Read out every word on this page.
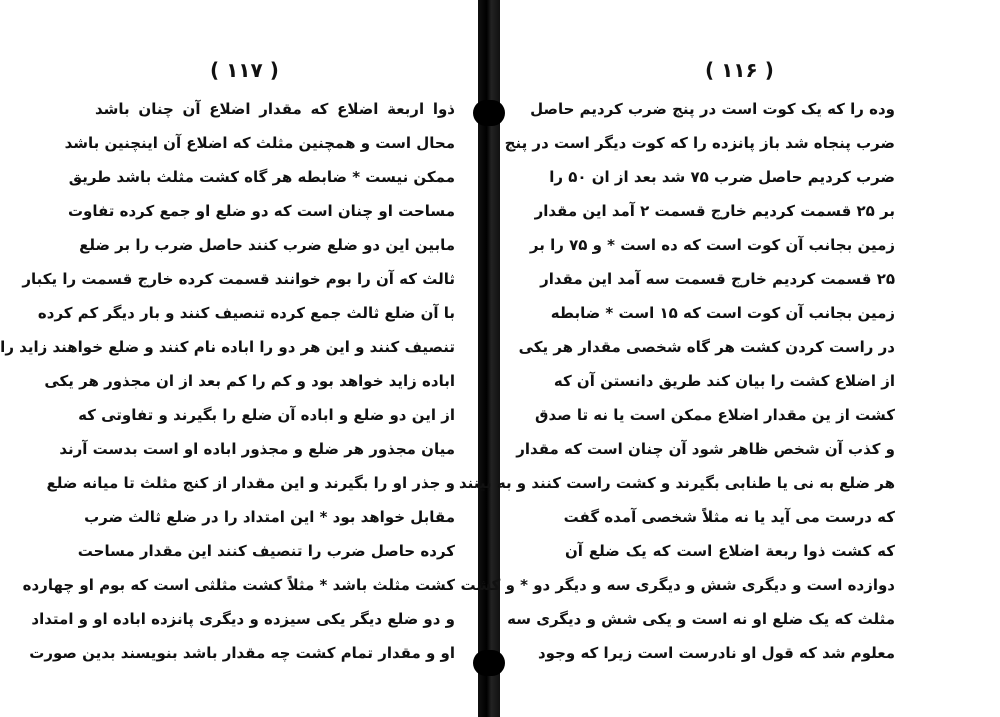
( ۱۱۷ )
ذوا اربعة اضلاع که مقدار اضلاع آن چنان باشد
محال است و همچنین مثلث که اضلاع آن اینچنین باشد
ممکن نیست * ضابطه هر گاه کشت مثلث باشد طریق
مساحت او چنان است که دو ضلع او جمع کرده تفاوت
مابین این دو ضلع ضرب کنند حاصل ضرب را بر ضلع
ثالث که آن را بوم خوانند قسمت کرده خارج قسمت را یکبار
با آن ضلع ثالث جمع کرده تنصیف کنند و بار دیگر کم کرده
تنصیف کنند و این هر دو را اباده نام کنند و ضلع خواهند زاید را
اباده زاید خواهد بود و کم را کم بعد از ان مجذور هر یکی
از این دو ضلع و اباده آن ضلع را بگیرند و تفاوتی که
میان مجذور هر ضلع و مجذور اباده او است بدست آرند
و جذر او را بگیرند و این مقدار از کنج مثلث تا میانه ضلع
مقابل خواهد بود * این امتداد را در ضلع ثالث ضرب
کرده حاصل ضرب را تنصیف کنند این مقدار مساحت
کشت مثلث باشد * مثلاً کشت مثلثی است که بوم او چهارده
و دو ضلع دیگر یکی سیزده و دیگری پانزده اباده او و امتداد
او و مقدار تمام کشت چه مقدار باشد بنویسند بدین صورت
( ۱۱۶ )
وده را که یک کوت است در پنج ضرب کردیم حاصل
ضرب پنجاه شد باز پانزده را که کوت دیگر است در پنج
ضرب کردیم حاصل ضرب ۷۵ شد بعد از ان ۵۰ را
بر ۲۵ قسمت کردیم خارج قسمت ۲ آمد این مقدار
زمین بجانب آن کوت است که ده است * و ۷۵ را بر
۲۵ قسمت کردیم خارج قسمت سه آمد این مقدار
زمین بجانب آن کوت است که ۱۵ است * ضابطه
در راست کردن کشت هر گاه شخصی مقدار هر یکی
از اضلاع کشت را بیان کند طریق دانستن آن که
کشت از ین مقدار اضلاع ممکن است یا نه تا صدق
و کذب آن شخص ظاهر شود آن چنان است که مقدار
هر ضلع به نی یا طنابی بگیرند و کشت راست کنند و به بینند
که درست می آید یا نه مثلاً شخصی آمده گفت
که کشت ذوا ربعة اضلاع است که یک ضلع آن
دوازده است و دیگری شش و دیگری سه و دیگر دو * و کشت
مثلث که یک ضلع او نه است و یکی شش و دیگری سه
معلوم شد که قول او نادرست است زیرا که وجود
